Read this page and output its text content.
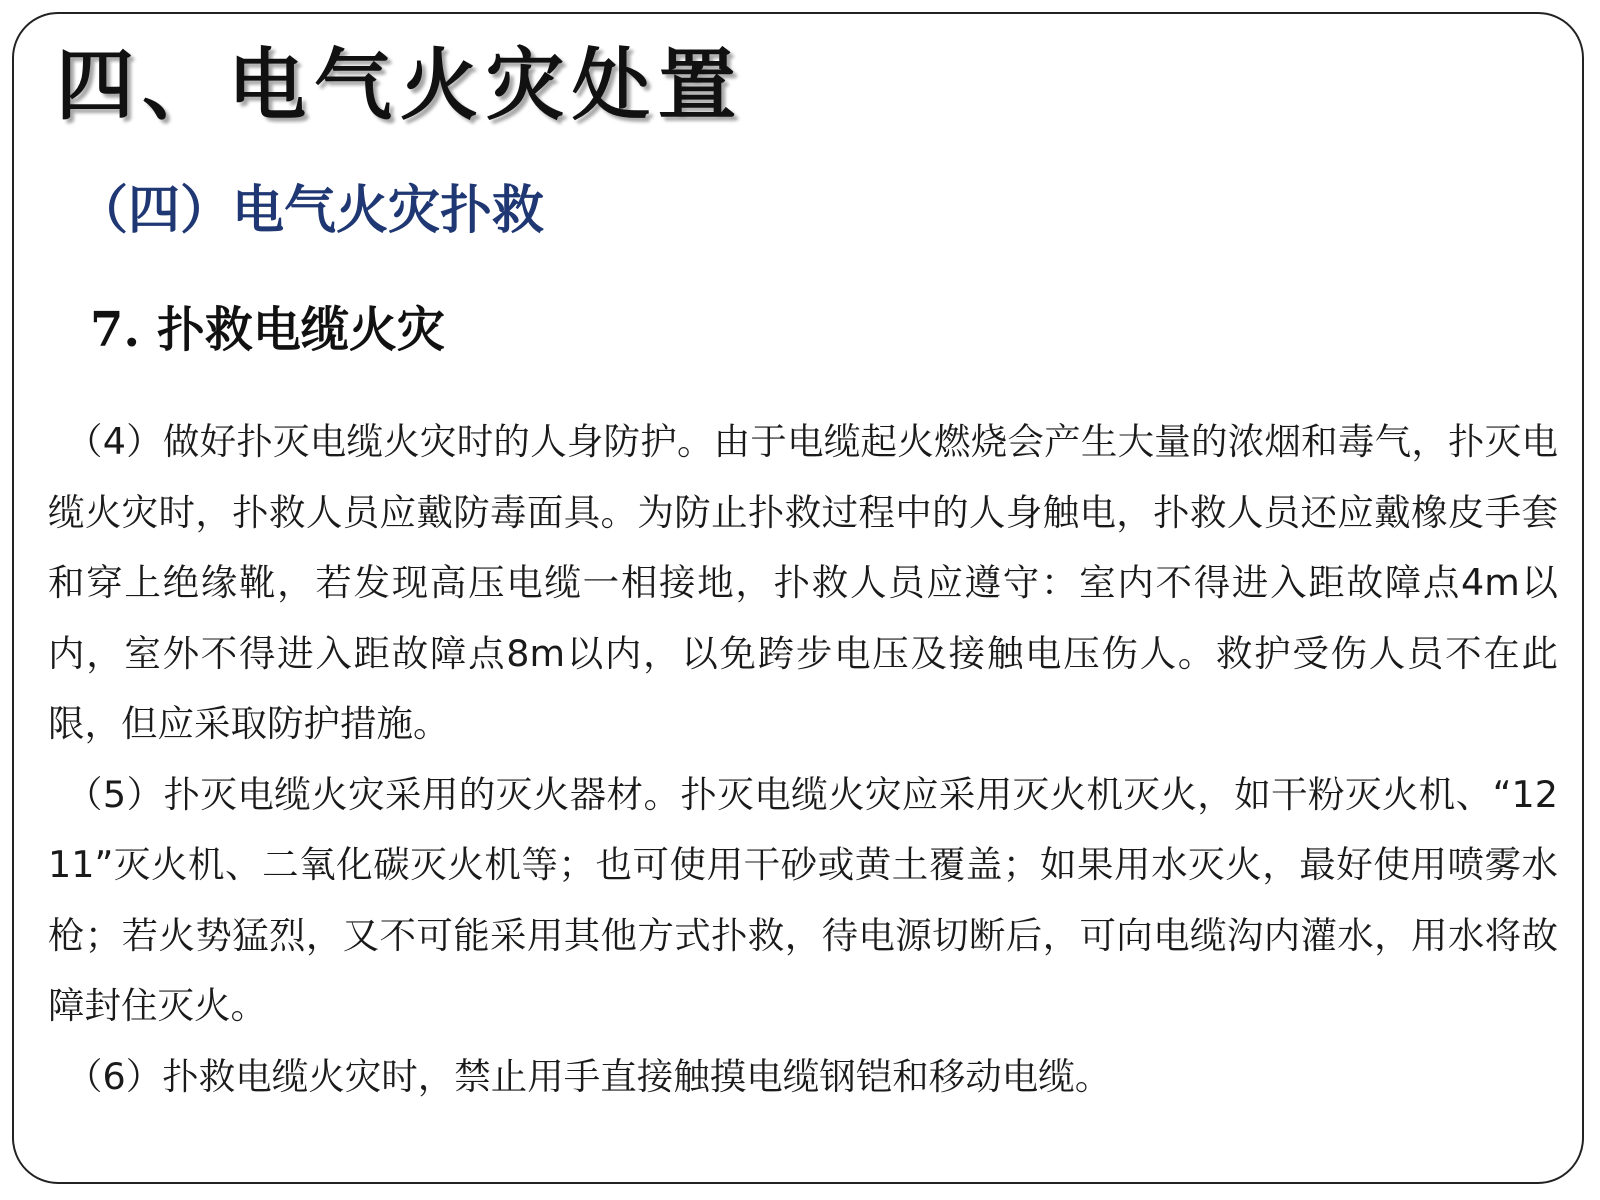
四、电气火灾处置
（四）电气火灾扑救
7. 扑救电缆火灾

（4）做好扑灭电缆火灾时的人身防护。由于电缆起火燃烧会产生大量的浓烟和毒气，扑灭电缆火灾时，扑救人员应戴防毒面具。为防止扑救过程中的人身触电，扑救人员还应戴橡皮手套和穿上绝缘靴，若发现高压电缆一相接地，扑救人员应遵守：室内不得进入距故障点4m以内，室外不得进入距故障点8m以内，以免跨步电压及接触电压伤人。救护受伤人员不在此限，但应采取防护措施。

（5）扑灭电缆火灾采用的灭火器材。扑灭电缆火灾应采用灭火机灭火，如干粉灭火机、“1211”灭火机、二氧化碳灭火机等；也可使用干砂或黄土覆盖；如果用水灭火，最好使用喷雾水枪；若火势猛烈，又不可能采用其他方式扑救，待电源切断后，可向电缆沟内灌水，用水将故障封住灭火。

（6）扑救电缆火灾时，禁止用手直接触摸电缆钢铠和移动电缆。
